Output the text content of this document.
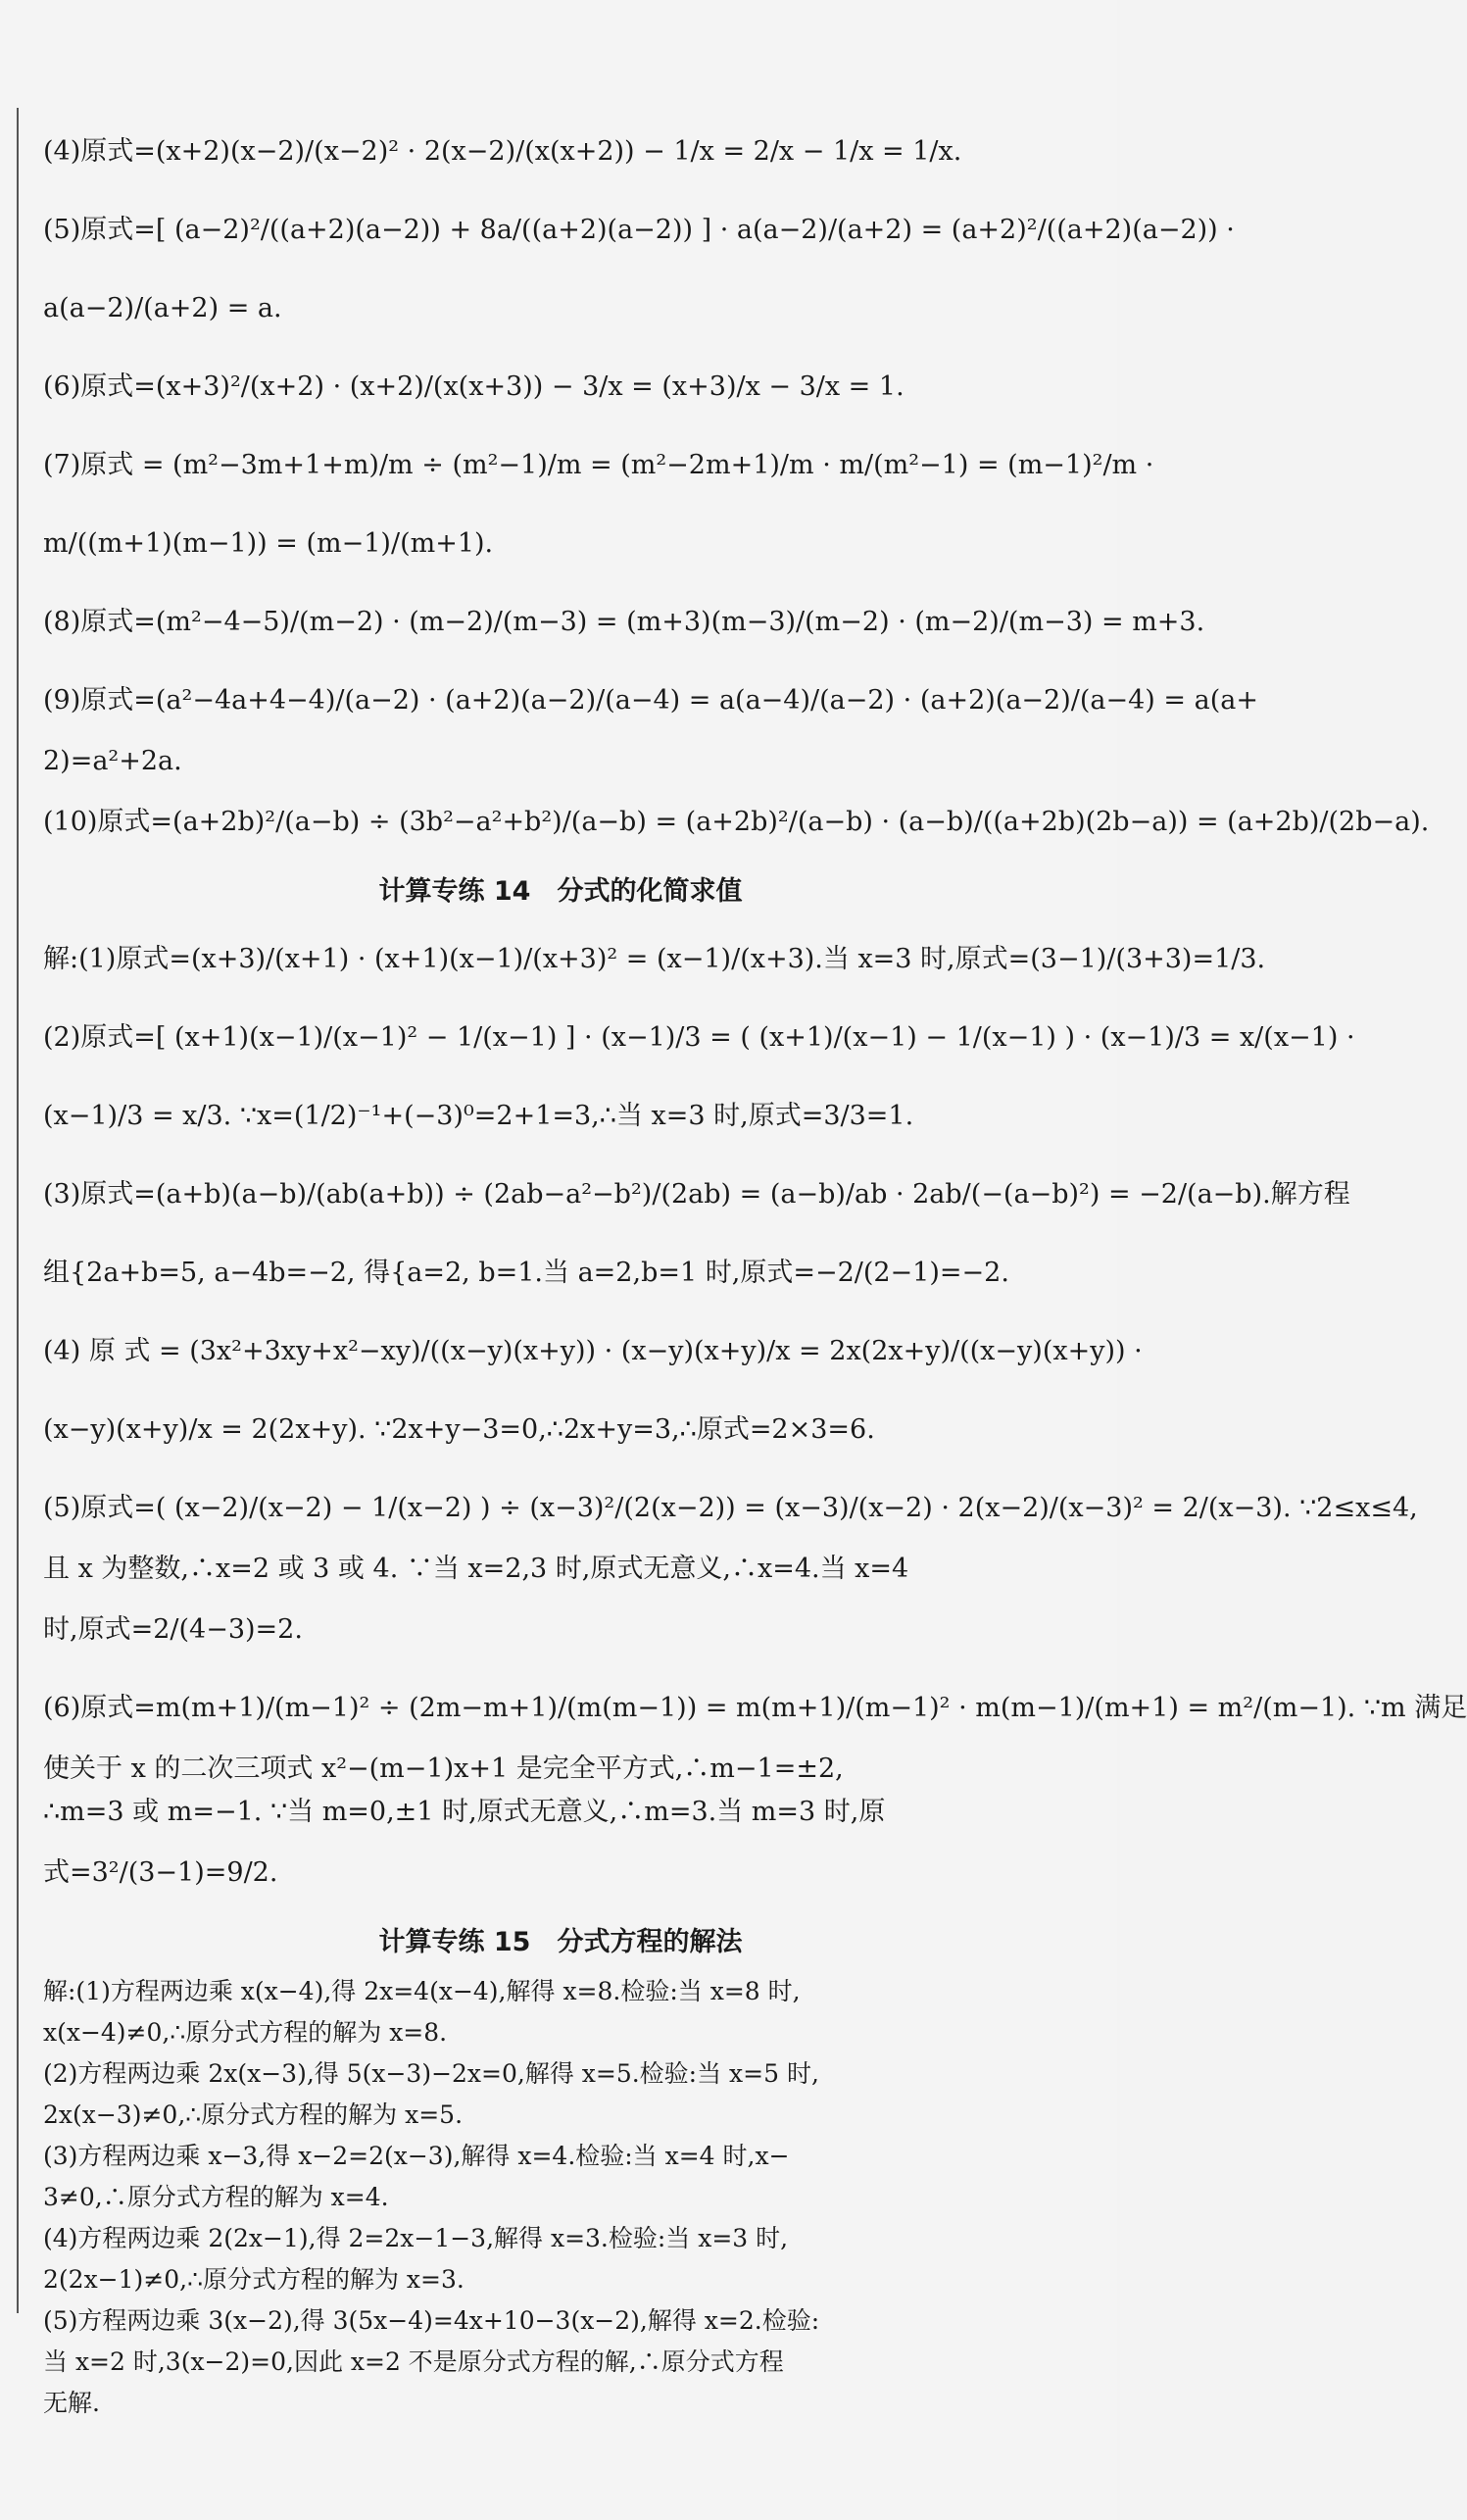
(4)原式=(x+2)(x−2)/(x−2)² · 2(x−2)/(x(x+2)) − 1/x = 2/x − 1/x = 1/x.
(5)原式=[ (a−2)²/((a+2)(a−2)) + 8a/((a+2)(a−2)) ] · a(a−2)/(a+2) = (a+2)²/((a+2)(a−2)) ·
a(a−2)/(a+2) = a.
(6)原式=(x+3)²/(x+2) · (x+2)/(x(x+3)) − 3/x = (x+3)/x − 3/x = 1.
(7)原式 = (m²−3m+1+m)/m ÷ (m²−1)/m = (m²−2m+1)/m · m/(m²−1) = (m−1)²/m ·
m/((m+1)(m−1)) = (m−1)/(m+1).
(8)原式=(m²−4−5)/(m−2) · (m−2)/(m−3) = (m+3)(m−3)/(m−2) · (m−2)/(m−3) = m+3.
(9)原式=(a²−4a+4−4)/(a−2) · (a+2)(a−2)/(a−4) = a(a−4)/(a−2) · (a+2)(a−2)/(a−4) = a(a+
2)=a²+2a.
(10)原式=(a+2b)²/(a−b) ÷ (3b²−a²+b²)/(a−b) = (a+2b)²/(a−b) · (a−b)/((a+2b)(2b−a)) = (a+2b)/(2b−a).
计算专练 14　分式的化简求值
解:(1)原式=(x+3)/(x+1) · (x+1)(x−1)/(x+3)² = (x−1)/(x+3).当 x=3 时,原式=(3−1)/(3+3)=1/3.
(2)原式=[ (x+1)(x−1)/(x−1)² − 1/(x−1) ] · (x−1)/3 = ( (x+1)/(x−1) − 1/(x−1) ) · (x−1)/3 = x/(x−1) ·
(x−1)/3 = x/3. ∵x=(1/2)⁻¹+(−3)⁰=2+1=3,∴当 x=3 时,原式=3/3=1.
(3)原式=(a+b)(a−b)/(ab(a+b)) ÷ (2ab−a²−b²)/(2ab) = (a−b)/ab · 2ab/(−(a−b)²) = −2/(a−b).解方程
组{2a+b=5, a−4b=−2, 得{a=2, b=1.当 a=2,b=1 时,原式=−2/(2−1)=−2.
(4) 原 式 = (3x²+3xy+x²−xy)/((x−y)(x+y)) · (x−y)(x+y)/x = 2x(2x+y)/((x−y)(x+y)) ·
(x−y)(x+y)/x = 2(2x+y). ∵2x+y−3=0,∴2x+y=3,∴原式=2×3=6.
(5)原式=( (x−2)/(x−2) − 1/(x−2) ) ÷ (x−3)²/(2(x−2)) = (x−3)/(x−2) · 2(x−2)/(x−3)² = 2/(x−3). ∵2≤x≤4,
且 x 为整数,∴x=2 或 3 或 4. ∵当 x=2,3 时,原式无意义,∴x=4.当 x=4
时,原式=2/(4−3)=2.
(6)原式=m(m+1)/(m−1)² ÷ (2m−m+1)/(m(m−1)) = m(m+1)/(m−1)² · m(m−1)/(m+1) = m²/(m−1). ∵m 满足
使关于 x 的二次三项式 x²−(m−1)x+1 是完全平方式,∴m−1=±2,
∴m=3 或 m=−1. ∵当 m=0,±1 时,原式无意义,∴m=3.当 m=3 时,原
式=3²/(3−1)=9/2.
计算专练 15　分式方程的解法
解:(1)方程两边乘 x(x−4),得 2x=4(x−4),解得 x=8.检验:当 x=8 时,
x(x−4)≠0,∴原分式方程的解为 x=8.
(2)方程两边乘 2x(x−3),得 5(x−3)−2x=0,解得 x=5.检验:当 x=5 时,
2x(x−3)≠0,∴原分式方程的解为 x=5.
(3)方程两边乘 x−3,得 x−2=2(x−3),解得 x=4.检验:当 x=4 时,x−
3≠0,∴原分式方程的解为 x=4.
(4)方程两边乘 2(2x−1),得 2=2x−1−3,解得 x=3.检验:当 x=3 时,
2(2x−1)≠0,∴原分式方程的解为 x=3.
(5)方程两边乘 3(x−2),得 3(5x−4)=4x+10−3(x−2),解得 x=2.检验:
当 x=2 时,3(x−2)=0,因此 x=2 不是原分式方程的解,∴原分式方程
无解.
